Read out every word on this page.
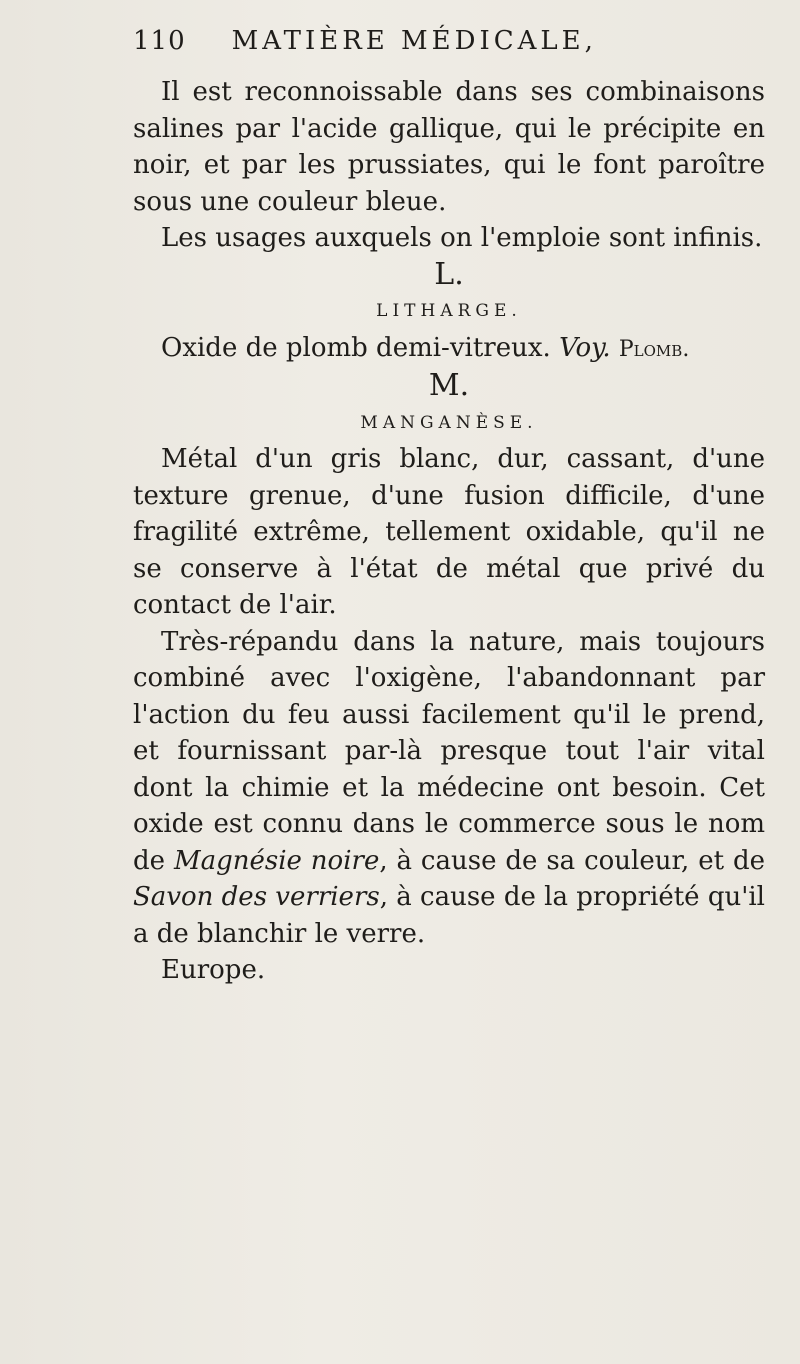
110 MATIÈRE MÉDICALE,

Il est reconnoissable dans ses combinaisons salines par l'acide gallique, qui le précipite en noir, et par les prussiates, qui le font paroître sous une couleur bleue.

Les usages auxquels on l'emploie sont infinis.

L.

LITHARGE.

Oxide de plomb demi-vitreux. Voy. Plomb.

M.

MANGANÈSE.

Métal d'un gris blanc, dur, cassant, d'une texture grenue, d'une fusion difficile, d'une fragilité extrême, tellement oxidable, qu'il ne se conserve à l'état de métal que privé du contact de l'air.

Très-répandu dans la nature, mais toujours combiné avec l'oxigène, l'abandonnant par l'action du feu aussi facilement qu'il le prend, et fournissant par-là presque tout l'air vital dont la chimie et la médecine ont besoin. Cet oxide est connu dans le commerce sous le nom de Magnésie noire, à cause de sa couleur, et de Savon des verriers, à cause de la propriété qu'il a de blanchir le verre.

Europe.
